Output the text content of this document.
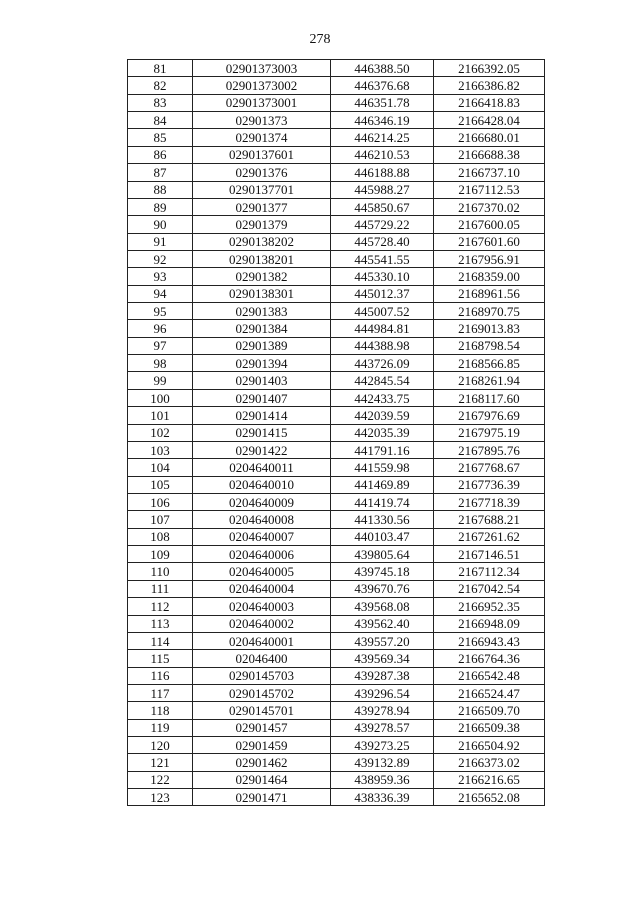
278
81	02901373003	446388.50	2166392.05
82	02901373002	446376.68	2166386.82
83	02901373001	446351.78	2166418.83
84	02901373	446346.19	2166428.04
85	02901374	446214.25	2166680.01
86	0290137601	446210.53	2166688.38
87	02901376	446188.88	2166737.10
88	0290137701	445988.27	2167112.53
89	02901377	445850.67	2167370.02
90	02901379	445729.22	2167600.05
91	0290138202	445728.40	2167601.60
92	0290138201	445541.55	2167956.91
93	02901382	445330.10	2168359.00
94	0290138301	445012.37	2168961.56
95	02901383	445007.52	2168970.75
96	02901384	444984.81	2169013.83
97	02901389	444388.98	2168798.54
98	02901394	443726.09	2168566.85
99	02901403	442845.54	2168261.94
100	02901407	442433.75	2168117.60
101	02901414	442039.59	2167976.69
102	02901415	442035.39	2167975.19
103	02901422	441791.16	2167895.76
104	0204640011	441559.98	2167768.67
105	0204640010	441469.89	2167736.39
106	0204640009	441419.74	2167718.39
107	0204640008	441330.56	2167688.21
108	0204640007	440103.47	2167261.62
109	0204640006	439805.64	2167146.51
110	0204640005	439745.18	2167112.34
111	0204640004	439670.76	2167042.54
112	0204640003	439568.08	2166952.35
113	0204640002	439562.40	2166948.09
114	0204640001	439557.20	2166943.43
115	02046400	439569.34	2166764.36
116	0290145703	439287.38	2166542.48
117	0290145702	439296.54	2166524.47
118	0290145701	439278.94	2166509.70
119	02901457	439278.57	2166509.38
120	02901459	439273.25	2166504.92
121	02901462	439132.89	2166373.02
122	02901464	438959.36	2166216.65
123	02901471	438336.39	2165652.08
